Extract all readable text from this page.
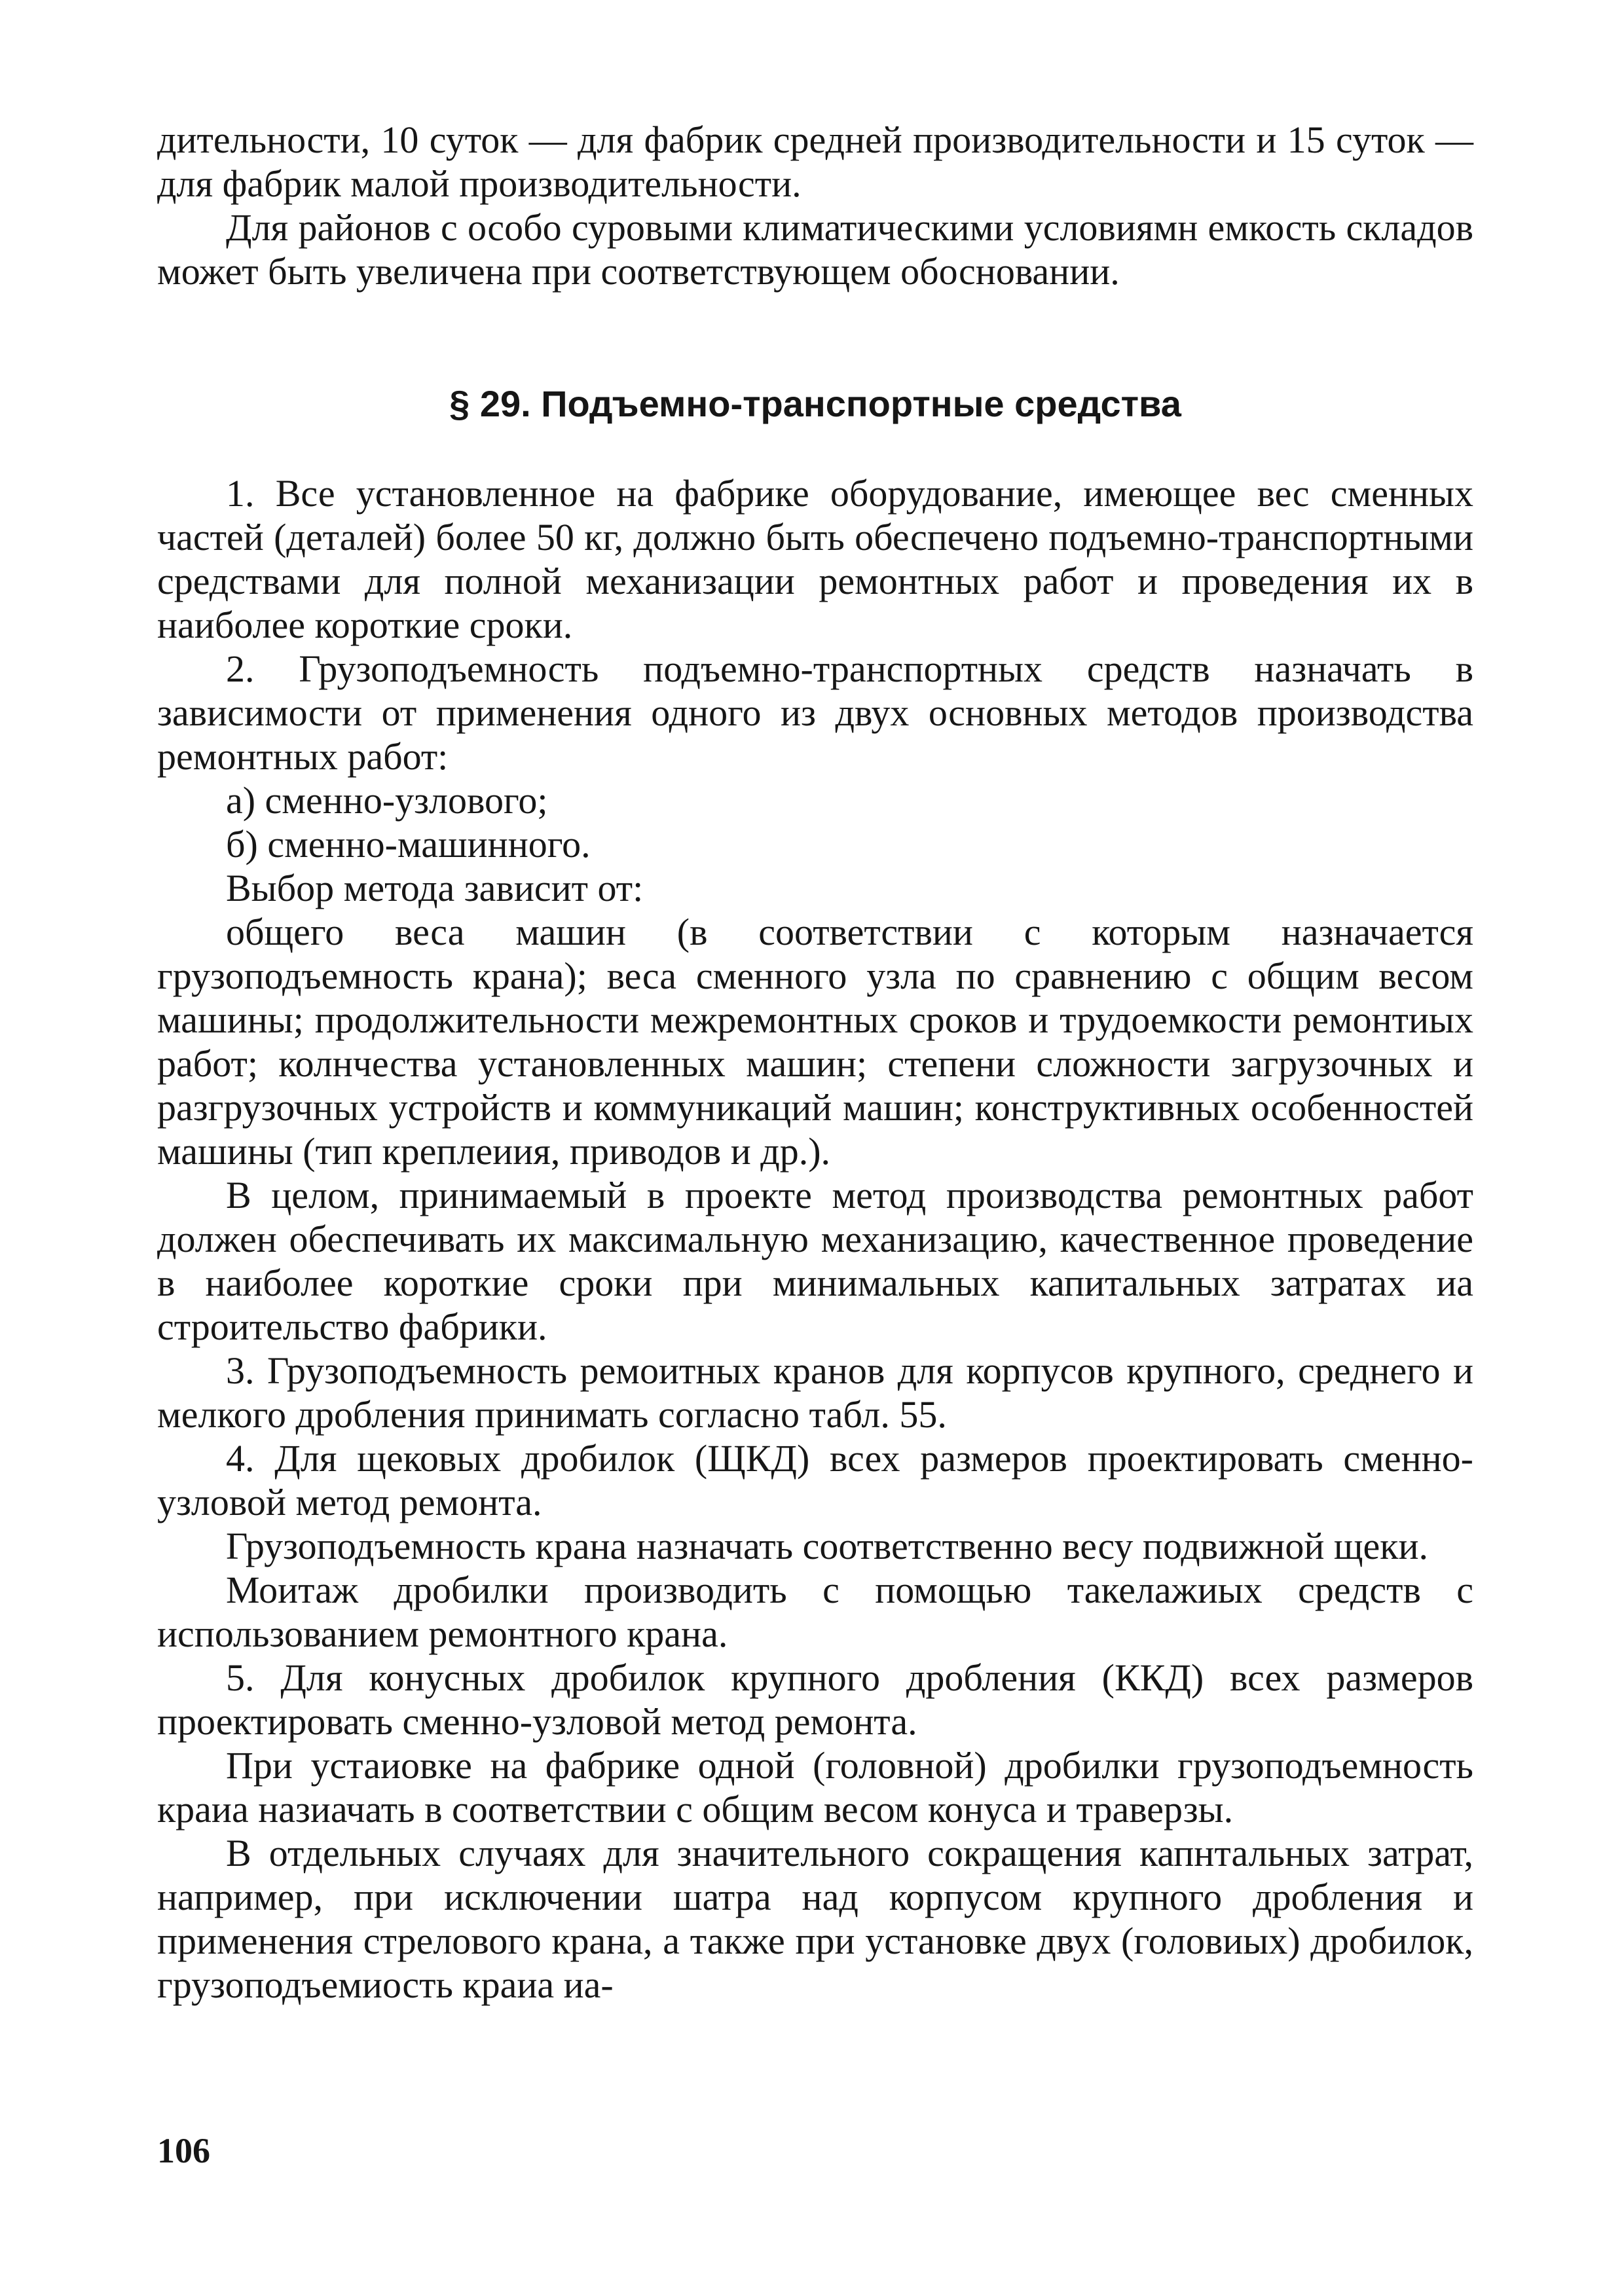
дительности, 10 суток — для фабрик средней производительности и 15 суток — для фабрик малой производительности.

Для районов с особо суровыми климатическими условиямн емкость складов может быть увеличена при соответствующем обосновании.

§ 29. Подъемно-транспортные средства

1. Все установленное на фабрике оборудование, имеющее вес сменных частей (деталей) более 50 кг, должно быть обеспечено подъемно-транспортными средствами для полной механизации ремонтных работ и проведения их в наиболее короткие сроки.

2. Грузоподъемность подъемно-транспортных средств назначать в зависимости от применения одного из двух основных методов производства ремонтных работ:

а) сменно-узлового;

б) сменно-машинного.

Выбор метода зависит от:

общего веса машин (в соответствии с которым назначается грузоподъемность крана); веса сменного узла по сравнению с общим весом машины; продолжительности межремонтных сроков и трудоемкости ремонтиых работ; колнчества установленных машин; степени сложности загрузочных и разгрузочных устройств и коммуникаций машин; конструктивных особенностей машины (тип креплеиия, приводов и др.).

В целом, принимаемый в проекте метод производства ремонтных работ должен обеспечивать их максимальную механизацию, качественное проведение в наиболее короткие сроки при минимальных капитальных затратах иа строительство фабрики.

3. Грузоподъемность ремоитных кранов для корпусов крупного, среднего и мелкого дробления принимать согласно табл. 55.

4. Для щековых дробилок (ЩКД) всех размеров проектировать сменно-узловой метод ремонта.

Грузоподъемность крана назначать соответственно весу подвижной щеки.

Моитаж дробилки производить с помощью такелажиых средств с использованием ремонтного крана.

5. Для конусных дробилок крупного дробления (ККД) всех размеров проектировать сменно-узловой метод ремонта.

При устаиовке на фабрике одной (головной) дробилки грузоподъемность краиа назиачать в соответствии с общим весом конуса и траверзы.

В отдельных случаях для значительного сокращения капнтальных затрат, например, при исключении шатра над корпусом крупного дробления и применения стрелового крана, а также при установке двух (головиых) дробилок, грузоподъемиость краиа иа-

106
